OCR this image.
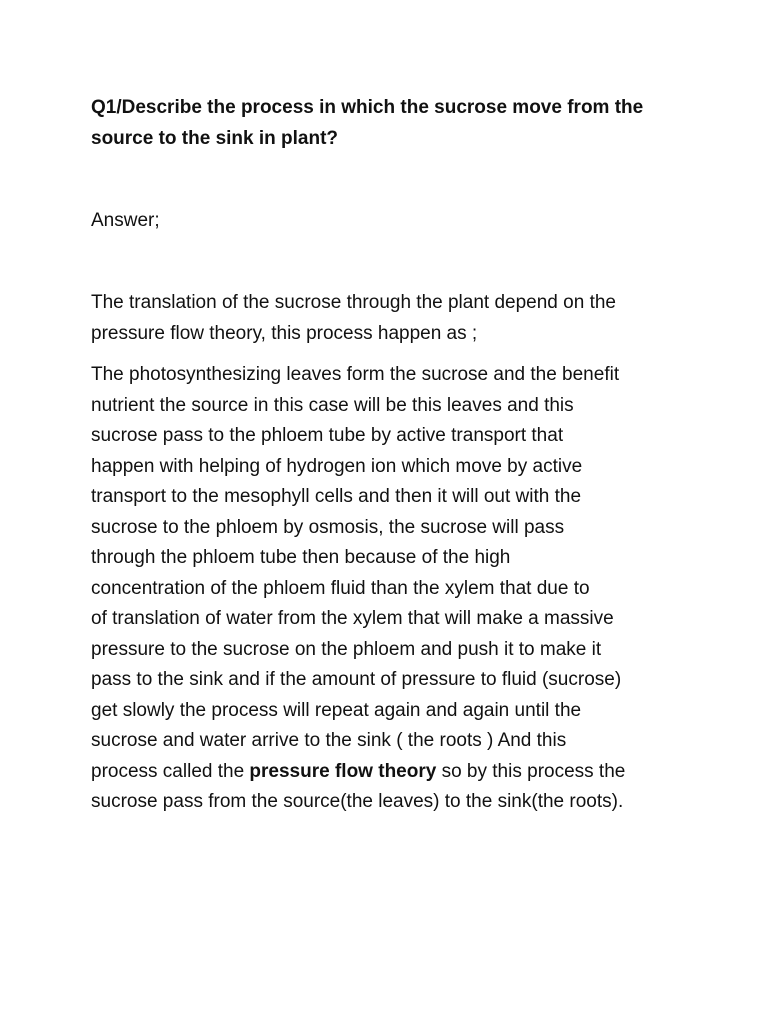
Q1/Describe the process in which the sucrose move from the
source to the sink in plant?
Answer;
The translation of the sucrose through the plant depend on the
pressure flow theory, this process happen as ;
The photosynthesizing leaves form the sucrose and the benefit
nutrient the source in this case will be this leaves and this
sucrose pass to the phloem tube by active transport that
happen with helping of hydrogen ion which move by active
transport to the mesophyll cells and then it will out with the
sucrose to the phloem by osmosis, the sucrose will pass
through the phloem tube then because of the high
concentration of the phloem fluid than the xylem that due to
of translation of water from the xylem that will make a massive
pressure to the sucrose on the phloem and push it to make it
pass to the sink and if the amount of pressure to fluid (sucrose)
get slowly the process will repeat again and again until the
sucrose and water arrive to the sink ( the roots ) And this
process called the pressure flow theory so by this process the
sucrose pass from the source(the leaves) to the sink(the roots).
